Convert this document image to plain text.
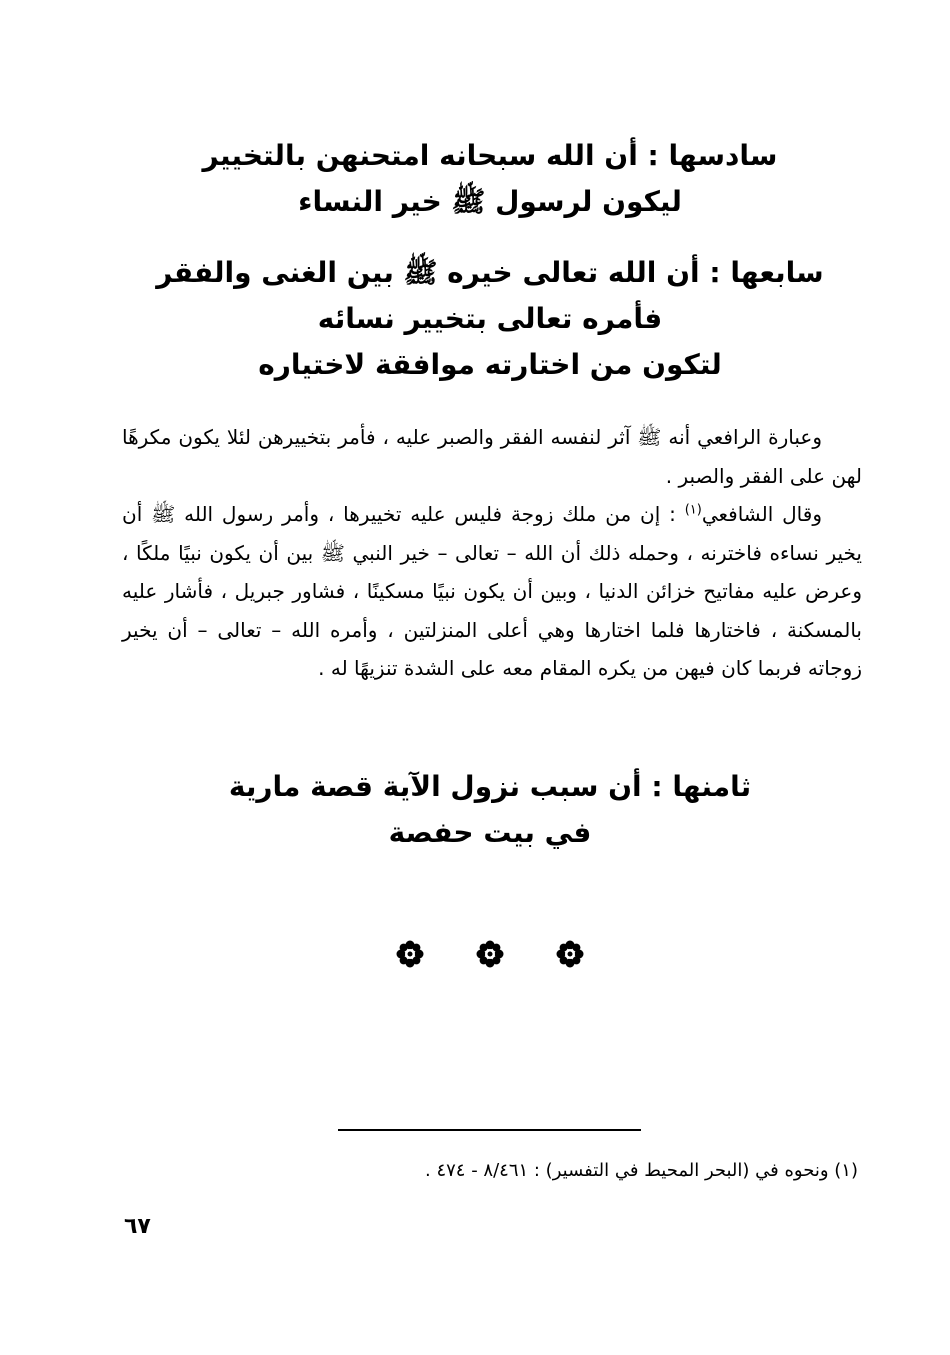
سادسها : أن الله سبحانه امتحنهن بالتخيير
ليكون لرسول ﷺ خير النساء
سابعها : أن الله تعالى خيره ﷺ بين الغنى والفقر
فأمره تعالى بتخيير نسائه
لتكون من اختارته موافقة لاختياره

وعبارة الرافعي أنه ﷺ آثر لنفسه الفقر والصبر عليه ، فأمر بتخييرهن لئلا يكون مكرهًا لهن على الفقر والصبر .

وقال الشافعي$^{(١)}$ : إن من ملك زوجة فليس عليه تخييرها ، وأمر رسول الله ﷺ أن يخير نساءه فاخترنه ، وحمله ذلك أن الله – تعالى – خير النبي ﷺ بين أن يكون نبيًا ملكًا ، وعرض عليه مفاتيح خزائن الدنيا ، وبين أن يكون نبيًا مسكينًا ، فشاور جبريل ، فأشار عليه بالمسكنة ، فاختارها فلما اختارها وهي أعلى المنزلتين ، وأمره الله – تعالى – أن يخير زوجاته فربما كان فيهن من يكره المقام معه على الشدة تنزيهًا له .

ثامنها : أن سبب نزول الآية قصة مارية
في بيت حفصة
(١) ونحوه في (البحر المحيط في التفسير) : ٨/٤٦١ - ٤٧٤ .
٦٧
